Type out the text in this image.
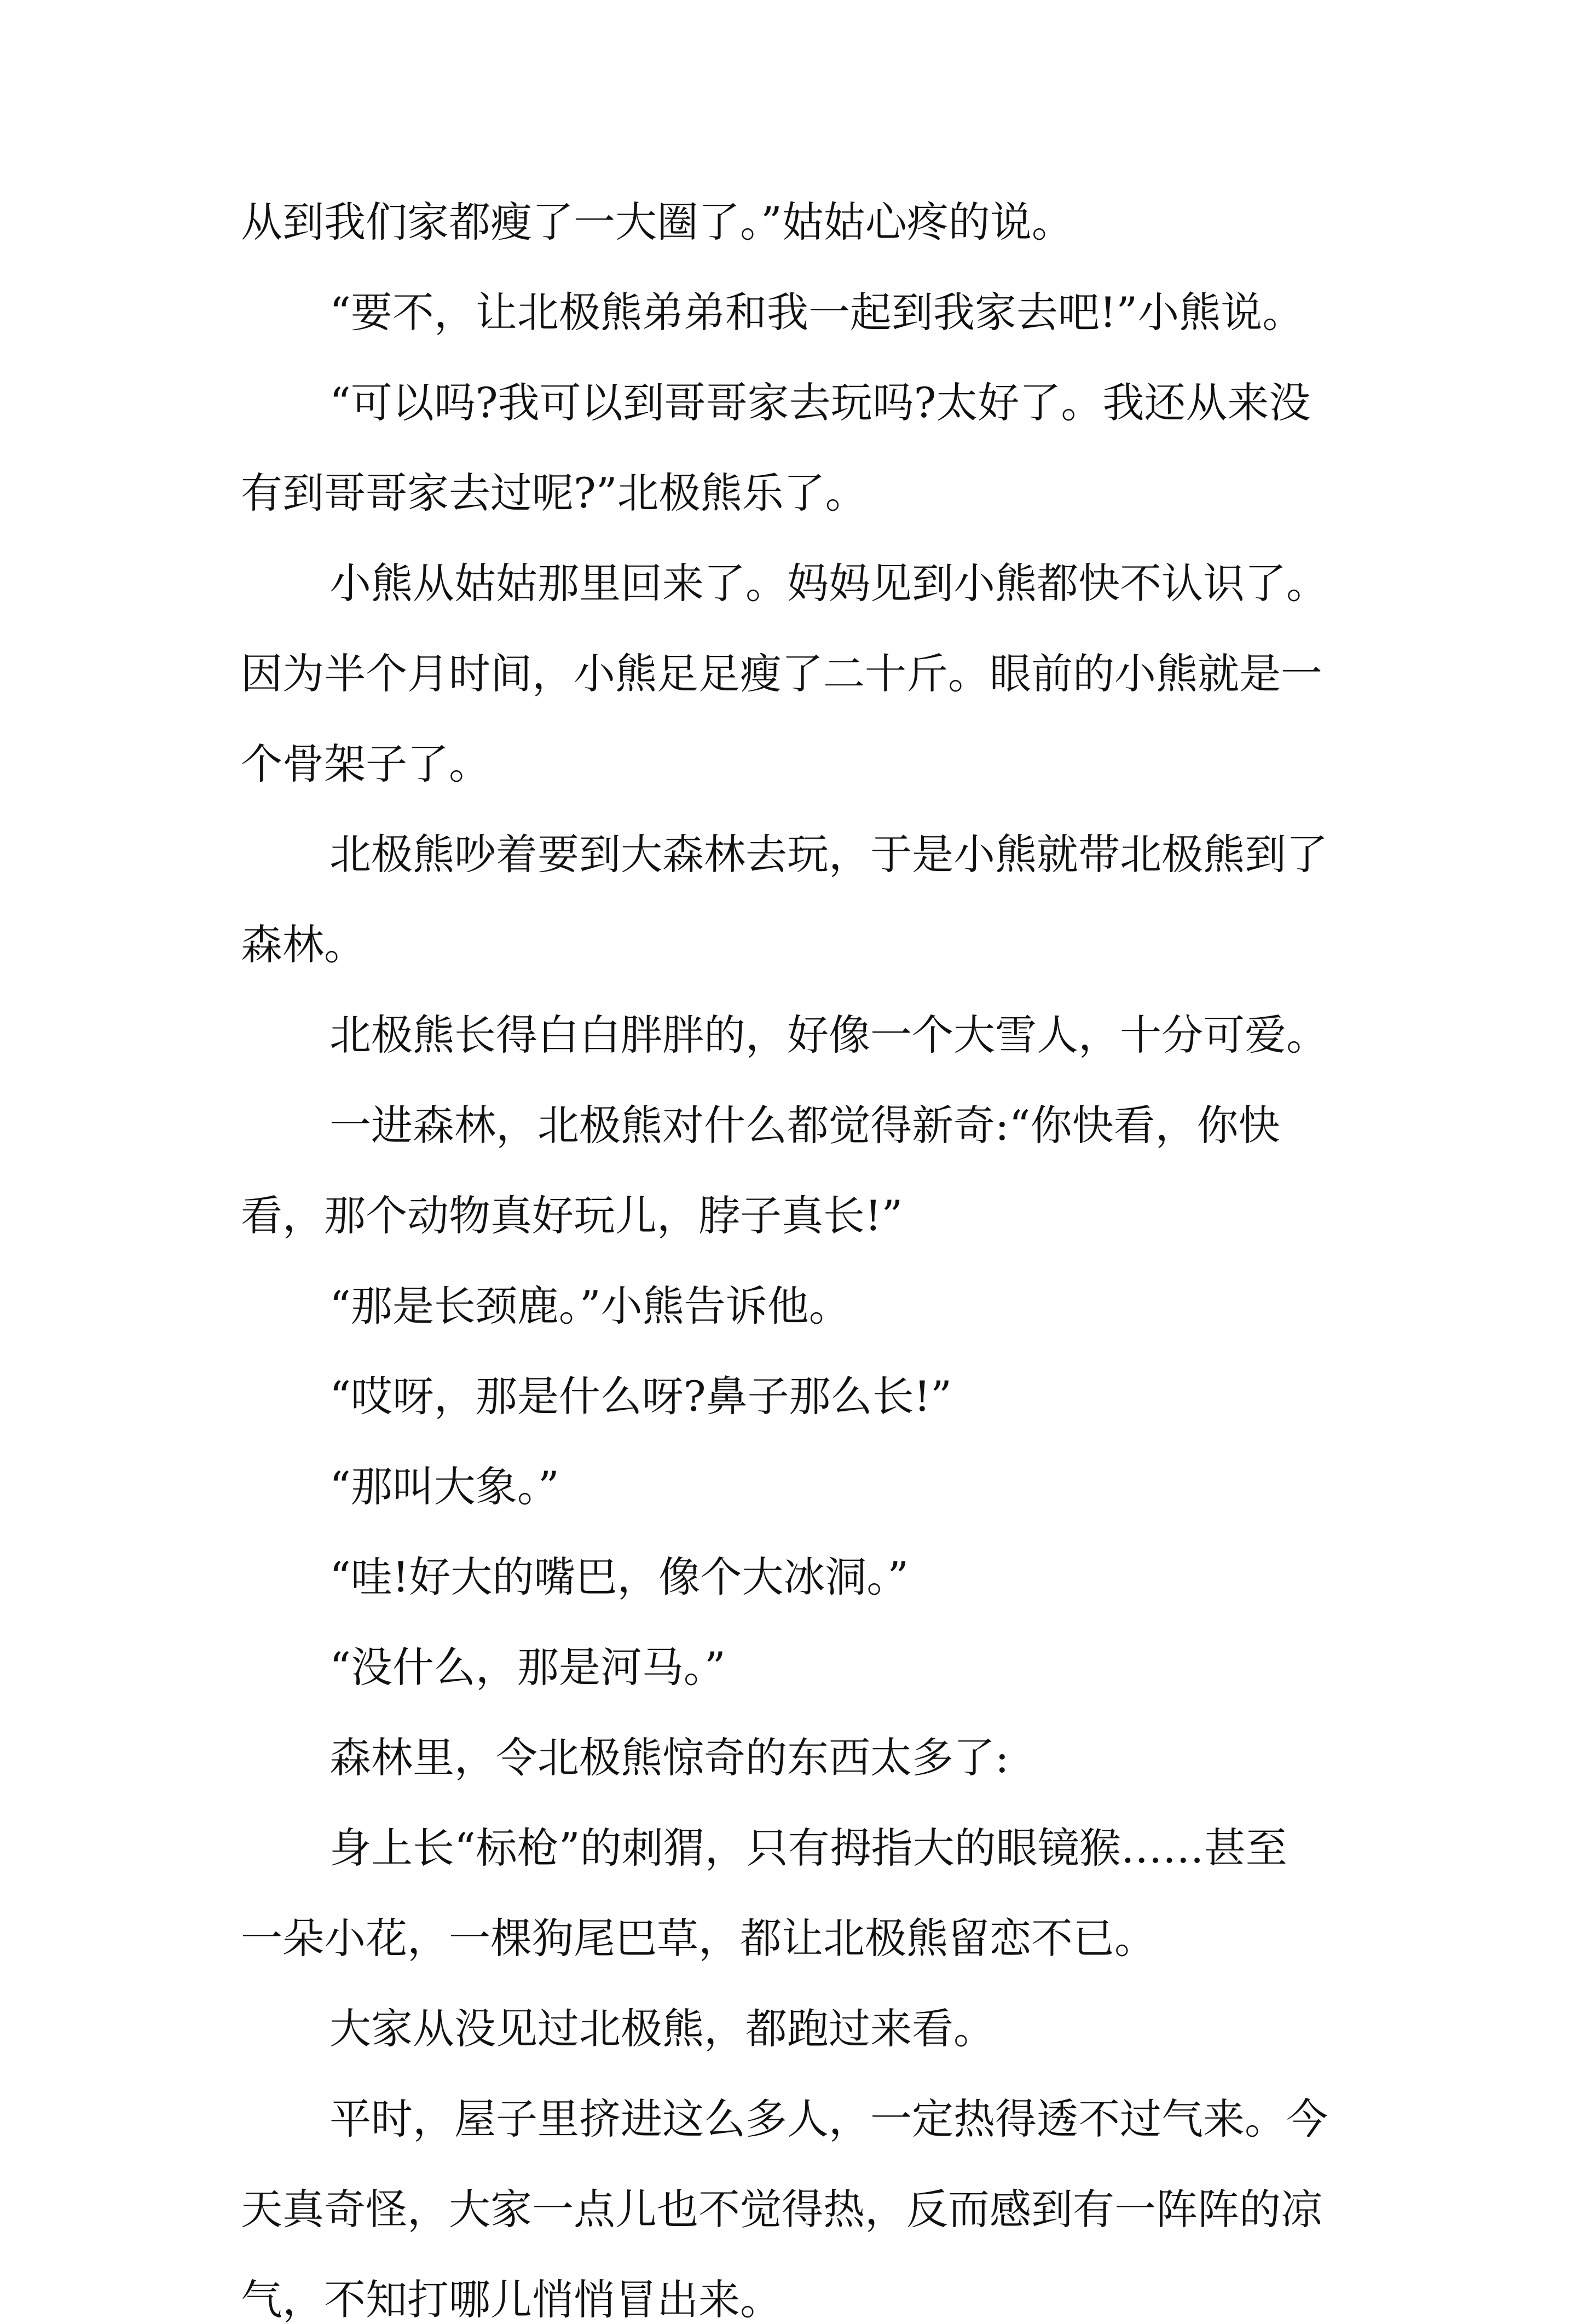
从到我们家都瘦了一大圈了。”姑姑心疼的说。
“要不，让北极熊弟弟和我一起到我家去吧!”小熊说。
“可以吗?我可以到哥哥家去玩吗?太好了。我还从来没
有到哥哥家去过呢?”北极熊乐了。
小熊从姑姑那里回来了。妈妈见到小熊都快不认识了。
因为半个月时间，小熊足足瘦了二十斤。眼前的小熊就是一
个骨架子了。
北极熊吵着要到大森林去玩，于是小熊就带北极熊到了
森林。
北极熊长得白白胖胖的，好像一个大雪人，十分可爱。
一进森林，北极熊对什么都觉得新奇:“你快看，你快
看，那个动物真好玩儿，脖子真长!”
“那是长颈鹿。”小熊告诉他。
“哎呀，那是什么呀?鼻子那么长!”
“那叫大象。”
“哇!好大的嘴巴，像个大冰洞。”
“没什么，那是河马。”
森林里，令北极熊惊奇的东西太多了:
身上长“标枪”的刺猬，只有拇指大的眼镜猴……甚至
一朵小花，一棵狗尾巴草，都让北极熊留恋不已。
大家从没见过北极熊，都跑过来看。
平时，屋子里挤进这么多人，一定热得透不过气来。今
天真奇怪，大家一点儿也不觉得热，反而感到有一阵阵的凉
气，不知打哪儿悄悄冒出来。
